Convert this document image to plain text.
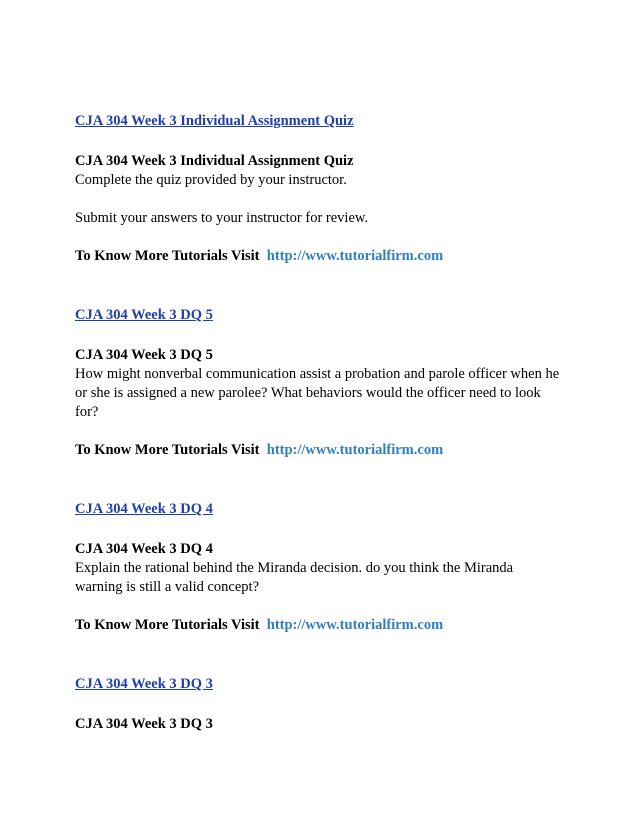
CJA 304 Week 3 Individual Assignment Quiz

CJA 304 Week 3 Individual Assignment Quiz

Complete the quiz provided by your instructor.

Submit your answers to your instructor for review.

To Know More Tutorials Visit http://www.tutorialfirm.com

CJA 304 Week 3 DQ 5

CJA 304 Week 3 DQ 5

How might nonverbal communication assist a probation and parole officer when he

or she is assigned a new parolee? What behaviors would the officer need to look

for?

To Know More Tutorials Visit http://www.tutorialfirm.com

CJA 304 Week 3 DQ 4

CJA 304 Week 3 DQ 4

Explain the rational behind the Miranda decision. do you think the Miranda

warning is still a valid concept?

To Know More Tutorials Visit http://www.tutorialfirm.com

CJA 304 Week 3 DQ 3

CJA 304 Week 3 DQ 3
